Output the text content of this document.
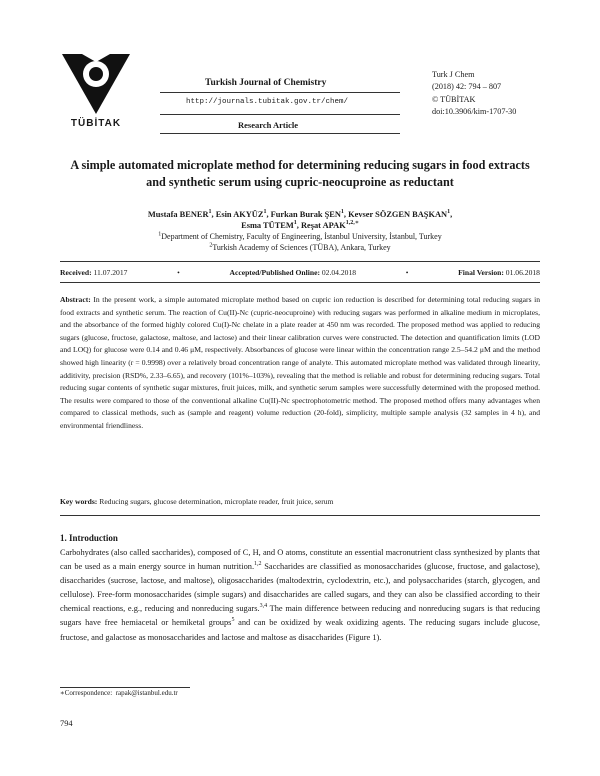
TÜBİTAK
Turkish Journal of Chemistry
http://journals.tubitak.gov.tr/chem/
Research Article
Turk J Chem
(2018) 42: 794 – 807
© TÜBİTAK
doi:10.3906/kim-1707-30
A simple automated microplate method for determining reducing sugars in food extracts and synthetic serum using cupric-neocuproine as reductant
Mustafa BENER$^1$, Esin AKYÜZ$^1$, Furkan Burak ŞEN$^1$, Kevser SÖZGEN BAŞKAN$^1$,
Esma TÜTEM$^1$, Reşat $APAK^{1,2,∗}$
$^1$Department of Chemistry, Faculty of Engineering, İstanbul University, İstanbul, Turkey
$^2$Turkish Academy of Sciences (TÜBA), Ankara, Turkey
Received: 11.07.2017	•	Accepted/Published Online: 02.04.2018	•	Final Version: 01.06.2018
Abstract: In the present work, a simple automated microplate method based on cupric ion reduction is described for determining total reducing sugars in food extracts and synthetic serum. The reaction of Cu(II)-Nc (cupric-neocuproine) with reducing sugars was performed in alkaline medium in microplates, and the absorbance of the formed highly colored Cu(I)-Nc chelate in a plate reader at 450 nm was recorded. The proposed method was applied to reducing sugars (glucose, fructose, galactose, maltose, and lactose) and their linear calibration curves were constructed. The detection and quantification limits (LOD and LOQ) for glucose were 0.14 and 0.46 μM, respectively. Absorbances of glucose were linear within the concentration range 2.5–54.2 μM and the method showed high linearity (r = 0.9998) over a relatively broad concentration range of analyte. This automated microplate method was validated through linearity, additivity, precision (RSD%, 2.33–6.65), and recovery (101%–103%), revealing that the method is reliable and robust for determining reducing sugars. Total reducing sugar contents of synthetic sugar mixtures, fruit juices, milk, and synthetic serum samples were successfully determined with the proposed method. The results were compared to those of the conventional alkaline Cu(II)-Nc spectrophotometric method. The proposed method offers many advantages when compared to classical methods, such as (sample and reagent) volume reduction (20-fold), simplicity, multiple sample analysis (32 samples in 4 h), and environmental friendliness.
Key words: Reducing sugars, glucose determination, microplate reader, fruit juice, serum
1. Introduction
Carbohydrates (also called saccharides), composed of C, H, and O atoms, constitute an essential macronutrient class synthesized by plants that can be used as a main energy source in human nutrition.$^{1,2}$ Saccharides are classified as monosaccharides (glucose, fructose, and galactose), disaccharides (sucrose, lactose, and maltose), oligosaccharides (maltodextrin, cyclodextrin, etc.), and polysaccharides (starch, glycogen, and cellulose). Free-form monosaccharides (simple sugars) and disaccharides are called sugars, and they can also be classified according to their chemical reactions, e.g., reducing and nonreducing sugars.$^{3,4}$ The main difference between reducing and nonreducing sugars is that reducing sugars have free hemiacetal or hemiketal groups$^5$ and can be oxidized by weak oxidizing agents. The reducing sugars include glucose, fructose, and galactose as monosaccharides and lactose and maltose as disaccharides (Figure 1).
∗Correspondence: rapak@istanbul.edu.tr
794
